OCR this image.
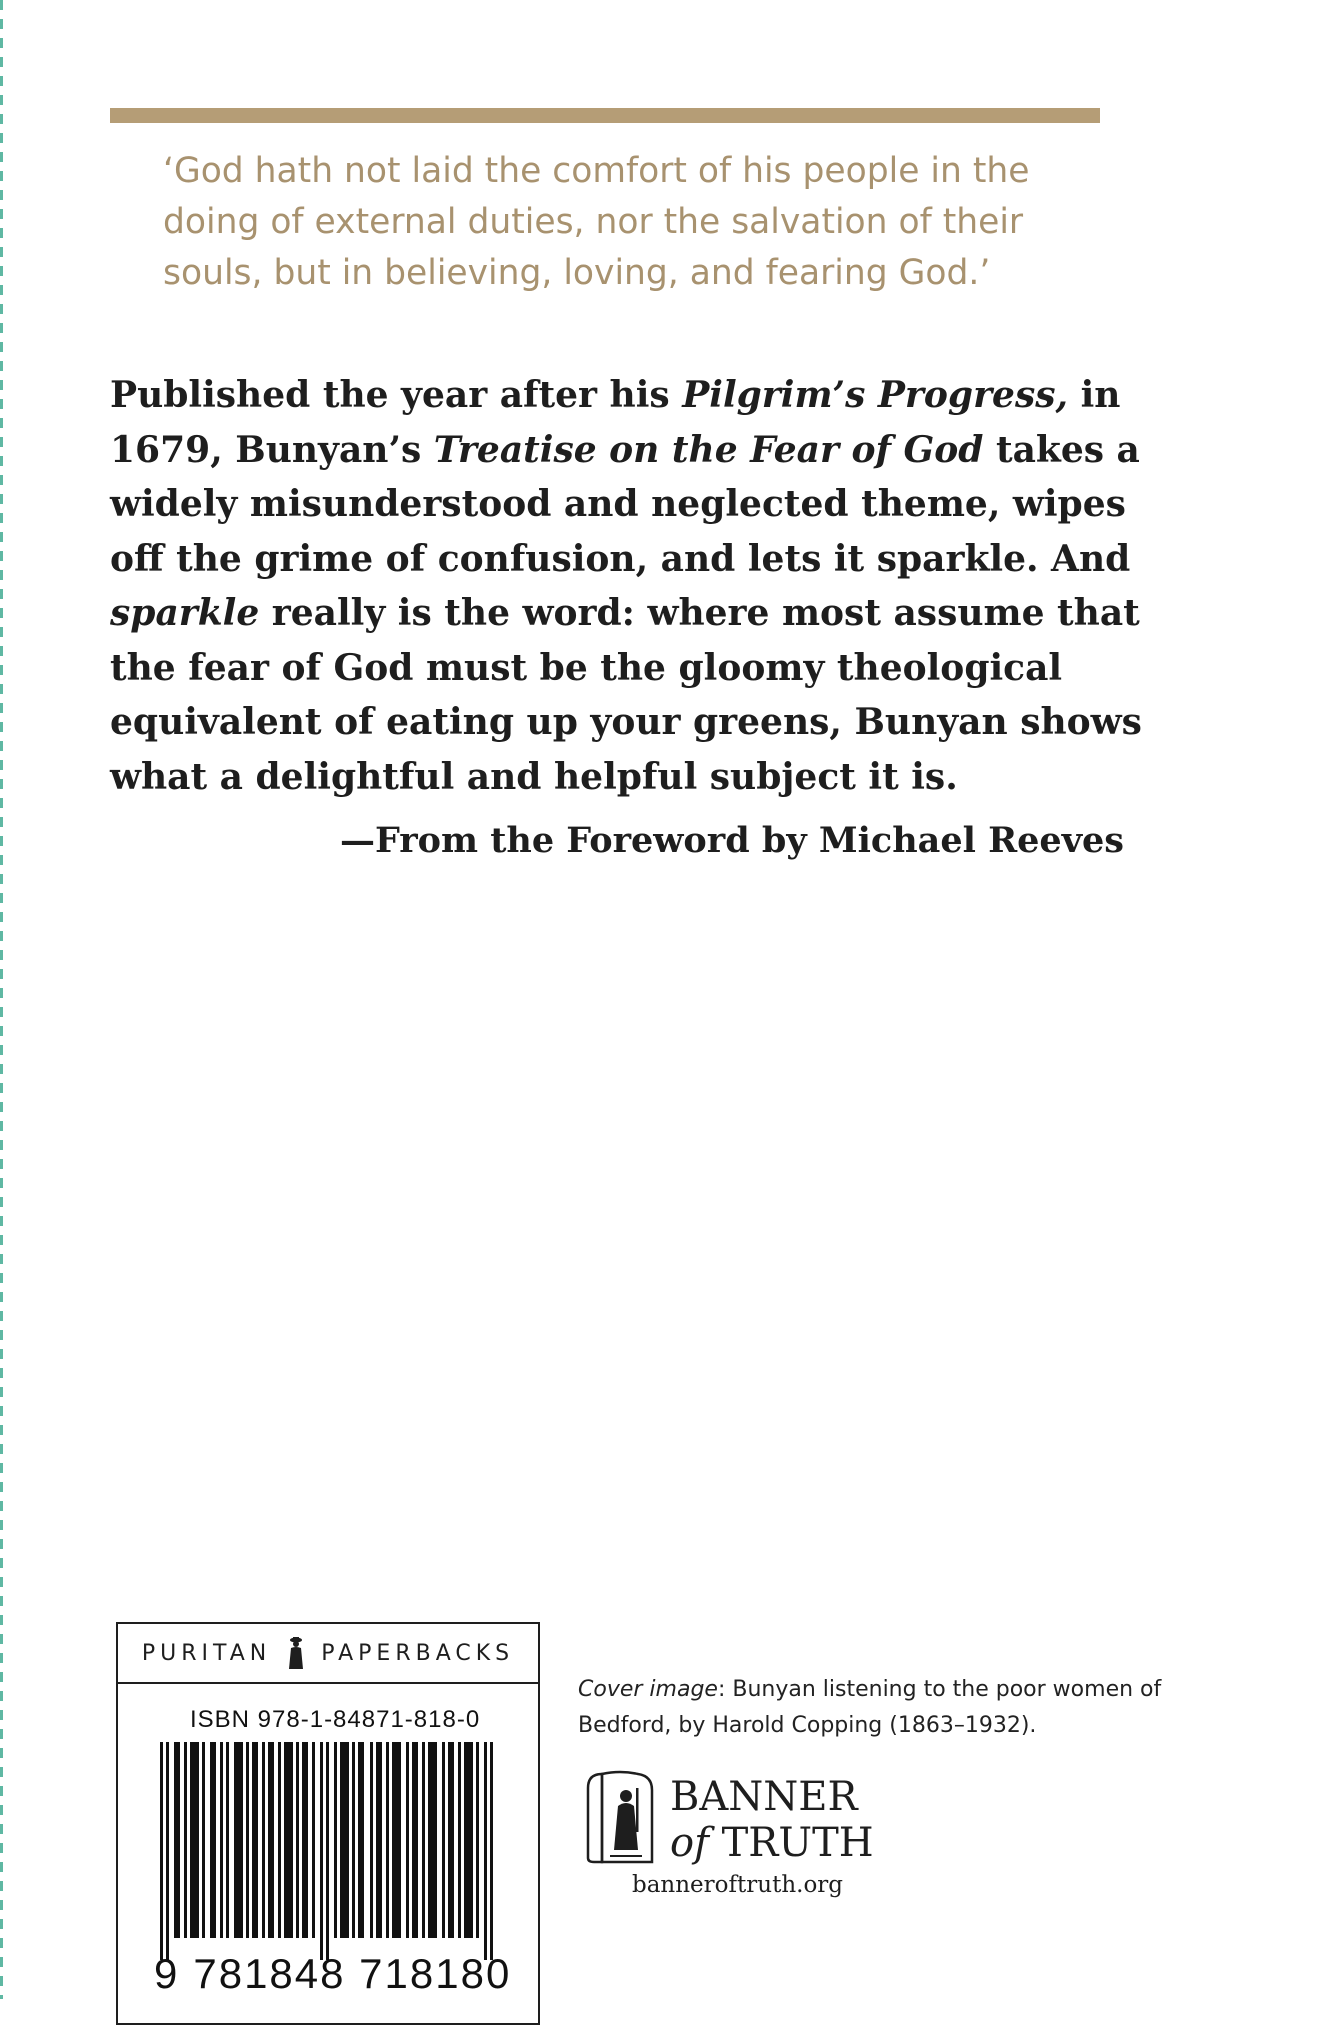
‘God hath not laid the comfort of his people in the
doing of external duties, nor the salvation of their
souls, but in believing, loving, and fearing God.’
Published the year after his Pilgrim’s Progress, in
1679, Bunyan’s Treatise on the Fear of God takes a
widely misunderstood and neglected theme, wipes
off the grime of confusion, and lets it sparkle. And
sparkle really is the word: where most assume that
the fear of God must be the gloomy theological
equivalent of eating up your greens, Bunyan shows
what a delightful and helpful subject it is.
—From the Foreword by Michael Reeves
PURITAN PAPERBACKS
ISBN 978-1-84871-818-0
9 781848 718180
Cover image: Bunyan listening to the poor women of
Bedford, by Harold Copping (1863–1932).
BANNER
of TRUTH
banneroftruth.org
